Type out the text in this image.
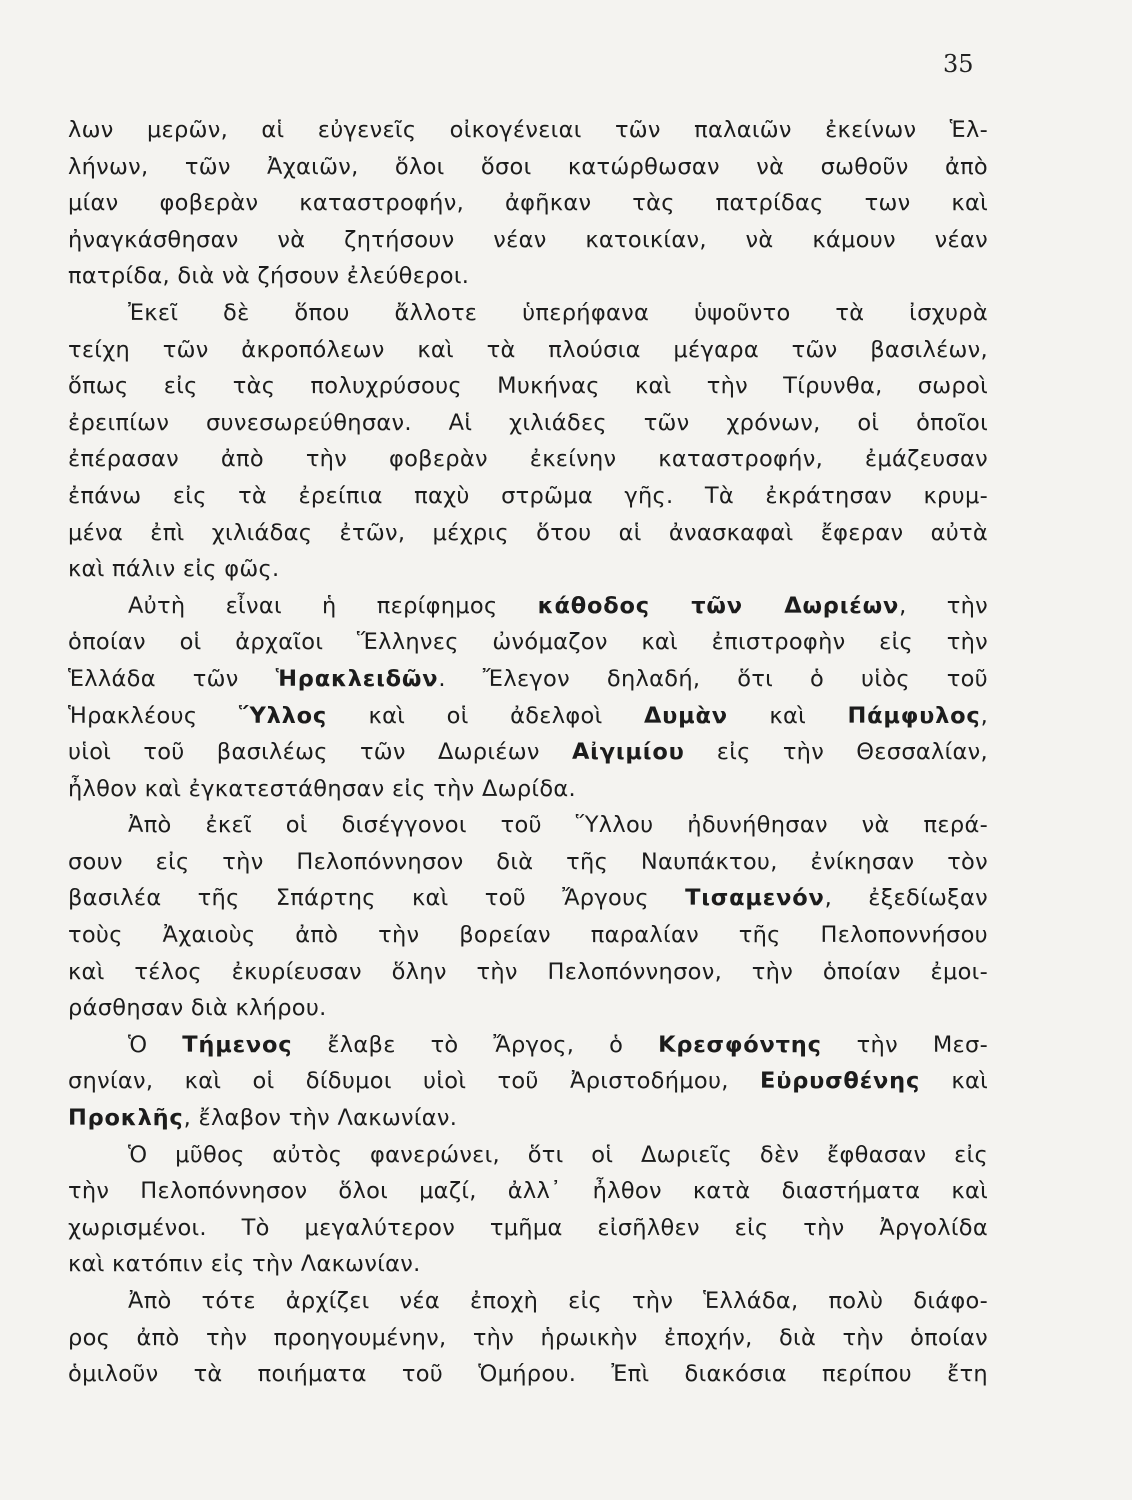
35
λων μερῶν, αἱ εὐγενεῖς οἰκογένειαι τῶν παλαιῶν ἐκείνων Ἑλ-
λήνων, τῶν Ἀχαιῶν, ὅλοι ὅσοι κατώρθωσαν νὰ σωθοῦν ἀπὸ
μίαν φοβερὰν καταστροφήν, ἀφῆκαν τὰς πατρίδας των καὶ
ἠναγκάσθησαν νὰ ζητήσουν νέαν κατοικίαν, νὰ κάμουν νέαν
πατρίδα, διὰ νὰ ζήσουν ἐλεύθεροι.
Ἐκεῖ δὲ ὅπου ἄλλοτε ὑπερήφανα ὑψοῦντο τὰ ἰσχυρὰ
τείχη τῶν ἀκροπόλεων καὶ τὰ πλούσια μέγαρα τῶν βασιλέων,
ὅπως εἰς τὰς πολυχρύσους Μυκήνας καὶ τὴν Τίρυνθα, σωροὶ
ἐρειπίων συνεσωρεύθησαν. Αἱ χιλιάδες τῶν χρόνων, οἱ ὁποῖοι
ἐπέρασαν ἀπὸ τὴν φοβερὰν ἐκείνην καταστροφήν, ἐμάζευσαν
ἐπάνω εἰς τὰ ἐρείπια παχὺ στρῶμα γῆς. Τὰ ἐκράτησαν κρυμ-
μένα ἐπὶ χιλιάδας ἐτῶν, μέχρις ὅτου αἱ ἀνασκαφαὶ ἔφεραν αὐτὰ
καὶ πάλιν εἰς φῶς.
Αὐτὴ εἶναι ἡ περίφημος κάθοδος τῶν Δωριέων, τὴν
ὁποίαν οἱ ἀρχαῖοι Ἕλληνες ὠνόμαζον καὶ ἐπιστροφὴν εἰς τὴν
Ἑλλάδα τῶν Ἡρακλειδῶν. Ἔλεγον δηλαδή, ὅτι ὁ υἱὸς τοῦ
Ἡρακλέους Ὕλλος καὶ οἱ ἀδελφοὶ Δυμὰν καὶ Πάμφυλος,
υἱοὶ τοῦ βασιλέως τῶν Δωριέων Αἰγιμίου εἰς τὴν Θεσσαλίαν,
ἦλθον καὶ ἐγκατεστάθησαν εἰς τὴν Δωρίδα.
Ἀπὸ ἐκεῖ οἱ δισέγγονοι τοῦ Ὕλλου ἠδυνήθησαν νὰ περά-
σουν εἰς τὴν Πελοπόννησον διὰ τῆς Ναυπάκτου, ἐνίκησαν τὸν
βασιλέα τῆς Σπάρτης καὶ τοῦ Ἄργους Τισαμενόν, ἐξεδίωξαν
τοὺς Ἀχαιοὺς ἀπὸ τὴν βορείαν παραλίαν τῆς Πελοποννήσου
καὶ τέλος ἐκυρίευσαν ὅλην τὴν Πελοπόννησον, τὴν ὁποίαν ἐμοι-
ράσθησαν διὰ κλήρου.
Ὁ Τήμενος ἔλαβε τὸ Ἄργος, ὁ Κρεσφόντης τὴν Μεσ-
σηνίαν, καὶ οἱ δίδυμοι υἱοὶ τοῦ Ἀριστοδήμου, Εὐρυσθένης καὶ
Προκλῆς, ἔλαβον τὴν Λακωνίαν.
Ὁ μῦθος αὐτὸς φανερώνει, ὅτι οἱ Δωριεῖς δὲν ἔφθασαν εἰς
τὴν Πελοπόννησον ὅλοι μαζί, ἀλλ᾽ ἦλθον κατὰ διαστήματα καὶ
χωρισμένοι. Τὸ μεγαλύτερον τμῆμα εἰσῆλθεν εἰς τὴν Ἀργολίδα
καὶ κατόπιν εἰς τὴν Λακωνίαν.
Ἀπὸ τότε ἀρχίζει νέα ἐποχὴ εἰς τὴν Ἑλλάδα, πολὺ διάφο-
ρος ἀπὸ τὴν προηγουμένην, τὴν ἡρωικὴν ἐποχήν, διὰ τὴν ὁποίαν
ὁμιλοῦν τὰ ποιήματα τοῦ Ὁμήρου. Ἐπὶ διακόσια περίπου ἔτη
